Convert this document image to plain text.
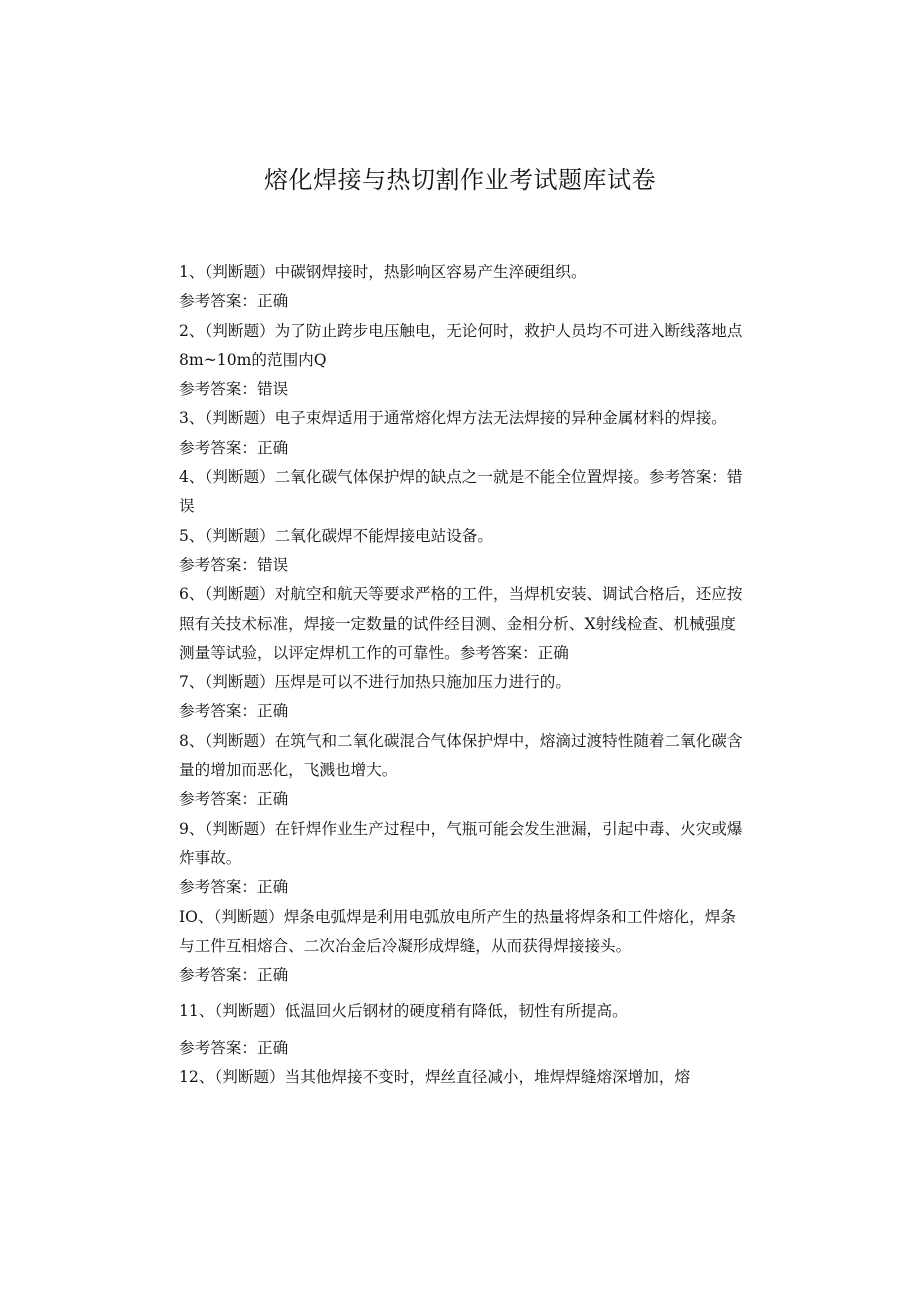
熔化焊接与热切割作业考试题库试卷

1、（判断题）中碳钢焊接时，热影响区容易产生淬硬组织。

参考答案：正确

2、（判断题）为了防止跨步电压触电，无论何时，救护人员均不可进入断线落地点8m~10m的范围内Q

参考答案：错误

3、（判断题）电子束焊适用于通常熔化焊方法无法焊接的异种金属材料的焊接。

参考答案：正确

4、（判断题）二氧化碳气体保护焊的缺点之一就是不能全位置焊接。参考答案：错误

5、（判断题）二氧化碳焊不能焊接电站设备。

参考答案：错误

6、（判断题）对航空和航天等要求严格的工件，当焊机安装、调试合格后，还应按照有关技术标准，焊接一定数量的试件经目测、金相分析、X射线检查、机械强度测量等试验，以评定焊机工作的可靠性。参考答案：正确

7、（判断题）压焊是可以不进行加热只施加压力进行的。

参考答案：正确

8、（判断题）在筑气和二氧化碳混合气体保护焊中，熔滴过渡特性随着二氧化碳含量的增加而恶化，飞溅也增大。

参考答案：正确

9、（判断题）在钎焊作业生产过程中，气瓶可能会发生泄漏，引起中毒、火灾或爆炸事故。

参考答案：正确

IO、（判断题）焊条电弧焊是利用电弧放电所产生的热量将焊条和工件熔化，焊条与工件互相熔合、二次冶金后冷凝形成焊缝，从而获得焊接接头。

参考答案：正确

11、（判断题）低温回火后钢材的硬度稍有降低，韧性有所提高。

参考答案：正确

12、（判断题）当其他焊接不变时，焊丝直径减小，堆焊焊缝熔深增加，熔
